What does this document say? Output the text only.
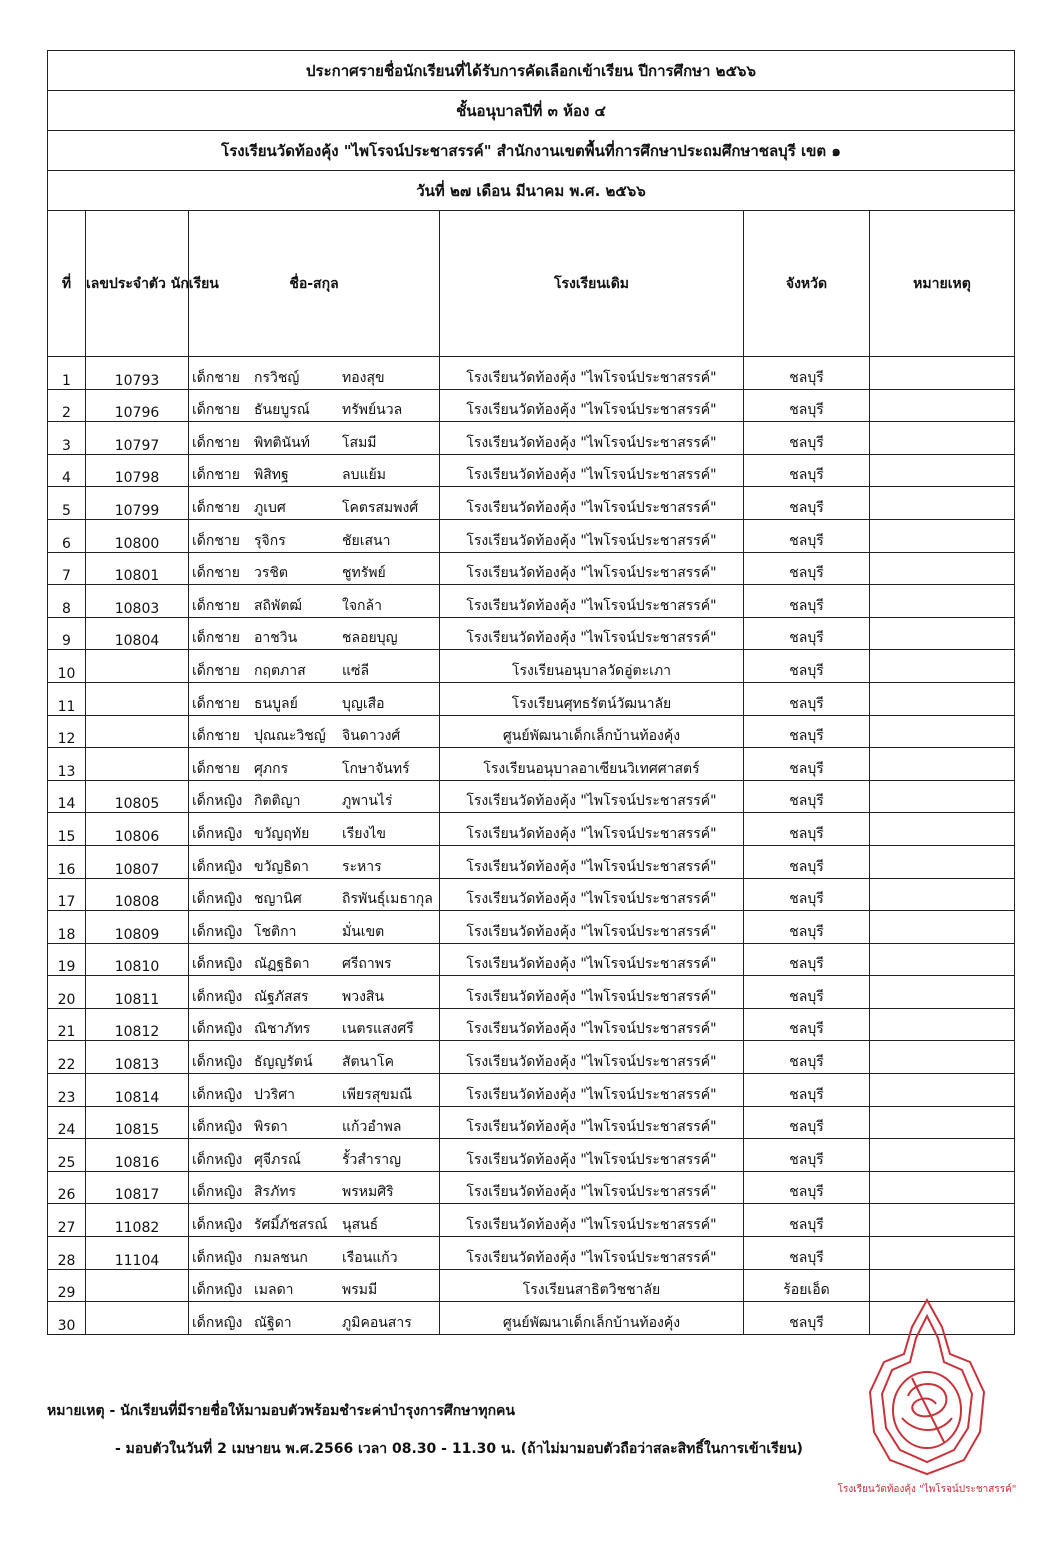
ประกาศรายชื่อนักเรียนที่ได้รับการคัดเลือกเข้าเรียน ปีการศึกษา ๒๕๖๖					
ชั้นอนุบาลปีที่ ๓ ห้อง ๔					
โรงเรียนวัดท้องคุ้ง "ไพโรจน์ประชาสรรค์" สำนักงานเขตพื้นที่การศึกษาประถมศึกษาชลบุรี เขต ๑					
วันที่ ๒๗ เดือน มีนาคม พ.ศ. ๒๕๖๖					
ที่	เลขประจำตัว นักเรียน	ชื่อ-สกุล	โรงเรียนเดิม	จังหวัด	หมายเหตุ
1	10793	เด็กชาย กรวิชญ์ ทองสุข	โรงเรียนวัดท้องคุ้ง "ไพโรจน์ประชาสรรค์"	ชลบุรี	
2	10796	เด็กชาย ธันยบูรณ์ ทรัพย์นวล	โรงเรียนวัดท้องคุ้ง "ไพโรจน์ประชาสรรค์"	ชลบุรี	
3	10797	เด็กชาย พิทตินันท์ โสมมี	โรงเรียนวัดท้องคุ้ง "ไพโรจน์ประชาสรรค์"	ชลบุรี	
4	10798	เด็กชาย พิสิทฐ ลบแย้ม	โรงเรียนวัดท้องคุ้ง "ไพโรจน์ประชาสรรค์"	ชลบุรี	
5	10799	เด็กชาย ภูเบศ โคตรสมพงศ์	โรงเรียนวัดท้องคุ้ง "ไพโรจน์ประชาสรรค์"	ชลบุรี	
6	10800	เด็กชาย รุจิกร ชัยเสนา	โรงเรียนวัดท้องคุ้ง "ไพโรจน์ประชาสรรค์"	ชลบุรี	
7	10801	เด็กชาย วรชิต ชูทรัพย์	โรงเรียนวัดท้องคุ้ง "ไพโรจน์ประชาสรรค์"	ชลบุรี	
8	10803	เด็กชาย สถิพัตฒ์ ใจกล้า	โรงเรียนวัดท้องคุ้ง "ไพโรจน์ประชาสรรค์"	ชลบุรี	
9	10804	เด็กชาย อาชวิน ชลอยบุญ	โรงเรียนวัดท้องคุ้ง "ไพโรจน์ประชาสรรค์"	ชลบุรี	
10		เด็กชาย กฤตภาส แซ่ลี	โรงเรียนอนุบาลวัดอู่ตะเภา	ชลบุรี	
11		เด็กชาย ธนบูลย์ บุญเสือ	โรงเรียนศุทธรัตน์วัฒนาลัย	ชลบุรี	
12		เด็กชาย ปุณณะวิชญ์ จินดาวงศ์	ศูนย์พัฒนาเด็กเล็กบ้านท้องคุ้ง	ชลบุรี	
13		เด็กชาย ศุภกร โกษาจันทร์	โรงเรียนอนุบาลอาเซียนวิเทศศาสตร์	ชลบุรี	
14	10805	เด็กหญิง กิตติญา ภูพานไร่	โรงเรียนวัดท้องคุ้ง "ไพโรจน์ประชาสรรค์"	ชลบุรี	
15	10806	เด็กหญิง ขวัญฤทัย เรียงไข	โรงเรียนวัดท้องคุ้ง "ไพโรจน์ประชาสรรค์"	ชลบุรี	
16	10807	เด็กหญิง ขวัญธิดา ระหาร	โรงเรียนวัดท้องคุ้ง "ไพโรจน์ประชาสรรค์"	ชลบุรี	
17	10808	เด็กหญิง ชญานิศ ถิรพันธุ์เมธากุล	โรงเรียนวัดท้องคุ้ง "ไพโรจน์ประชาสรรค์"	ชลบุรี	
18	10809	เด็กหญิง โชติกา มั่นเขต	โรงเรียนวัดท้องคุ้ง "ไพโรจน์ประชาสรรค์"	ชลบุรี	
19	10810	เด็กหญิง ณัฏฐธิดา ศรีถาพร	โรงเรียนวัดท้องคุ้ง "ไพโรจน์ประชาสรรค์"	ชลบุรี	
20	10811	เด็กหญิง ณัฐภัสสร พวงสิน	โรงเรียนวัดท้องคุ้ง "ไพโรจน์ประชาสรรค์"	ชลบุรี	
21	10812	เด็กหญิง ณิชาภัทร เนตรแสงศรี	โรงเรียนวัดท้องคุ้ง "ไพโรจน์ประชาสรรค์"	ชลบุรี	
22	10813	เด็กหญิง ธัญญรัตน์ สัตนาโค	โรงเรียนวัดท้องคุ้ง "ไพโรจน์ประชาสรรค์"	ชลบุรี	
23	10814	เด็กหญิง ปวริศา เพียรสุขมณี	โรงเรียนวัดท้องคุ้ง "ไพโรจน์ประชาสรรค์"	ชลบุรี	
24	10815	เด็กหญิง พิรดา แก้วอำพล	โรงเรียนวัดท้องคุ้ง "ไพโรจน์ประชาสรรค์"	ชลบุรี	
25	10816	เด็กหญิง ศุจีภรณ์ รั้วสำราญ	โรงเรียนวัดท้องคุ้ง "ไพโรจน์ประชาสรรค์"	ชลบุรี	
26	10817	เด็กหญิง สิรภัทร พรหมศิริ	โรงเรียนวัดท้องคุ้ง "ไพโรจน์ประชาสรรค์"	ชลบุรี	
27	11082	เด็กหญิง รัศมิ์ภัชสรณ์ นุสนธ์	โรงเรียนวัดท้องคุ้ง "ไพโรจน์ประชาสรรค์"	ชลบุรี	
28	11104	เด็กหญิง กมลชนก เรือนแก้ว	โรงเรียนวัดท้องคุ้ง "ไพโรจน์ประชาสรรค์"	ชลบุรี	
29		เด็กหญิง เมลดา พรมมี	โรงเรียนสาธิตวิชชาลัย	ร้อยเอ็ด	
30		เด็กหญิง ณัฐิดา ภูมิคอนสาร	ศูนย์พัฒนาเด็กเล็กบ้านท้องคุ้ง	ชลบุรี	
หมายเหตุ - นักเรียนที่มีรายชื่อให้มามอบตัวพร้อมชำระค่าบำรุงการศึกษาทุกคน
- มอบตัวในวันที่ 2 เมษายน พ.ศ.2566 เวลา 08.30 - 11.30 น. (ถ้าไม่มามอบตัวถือว่าสละสิทธิ์ในการเข้าเรียน)
โรงเรียนวัดท้องคุ้ง "ไพโรจน์ประชาสรรค์"
